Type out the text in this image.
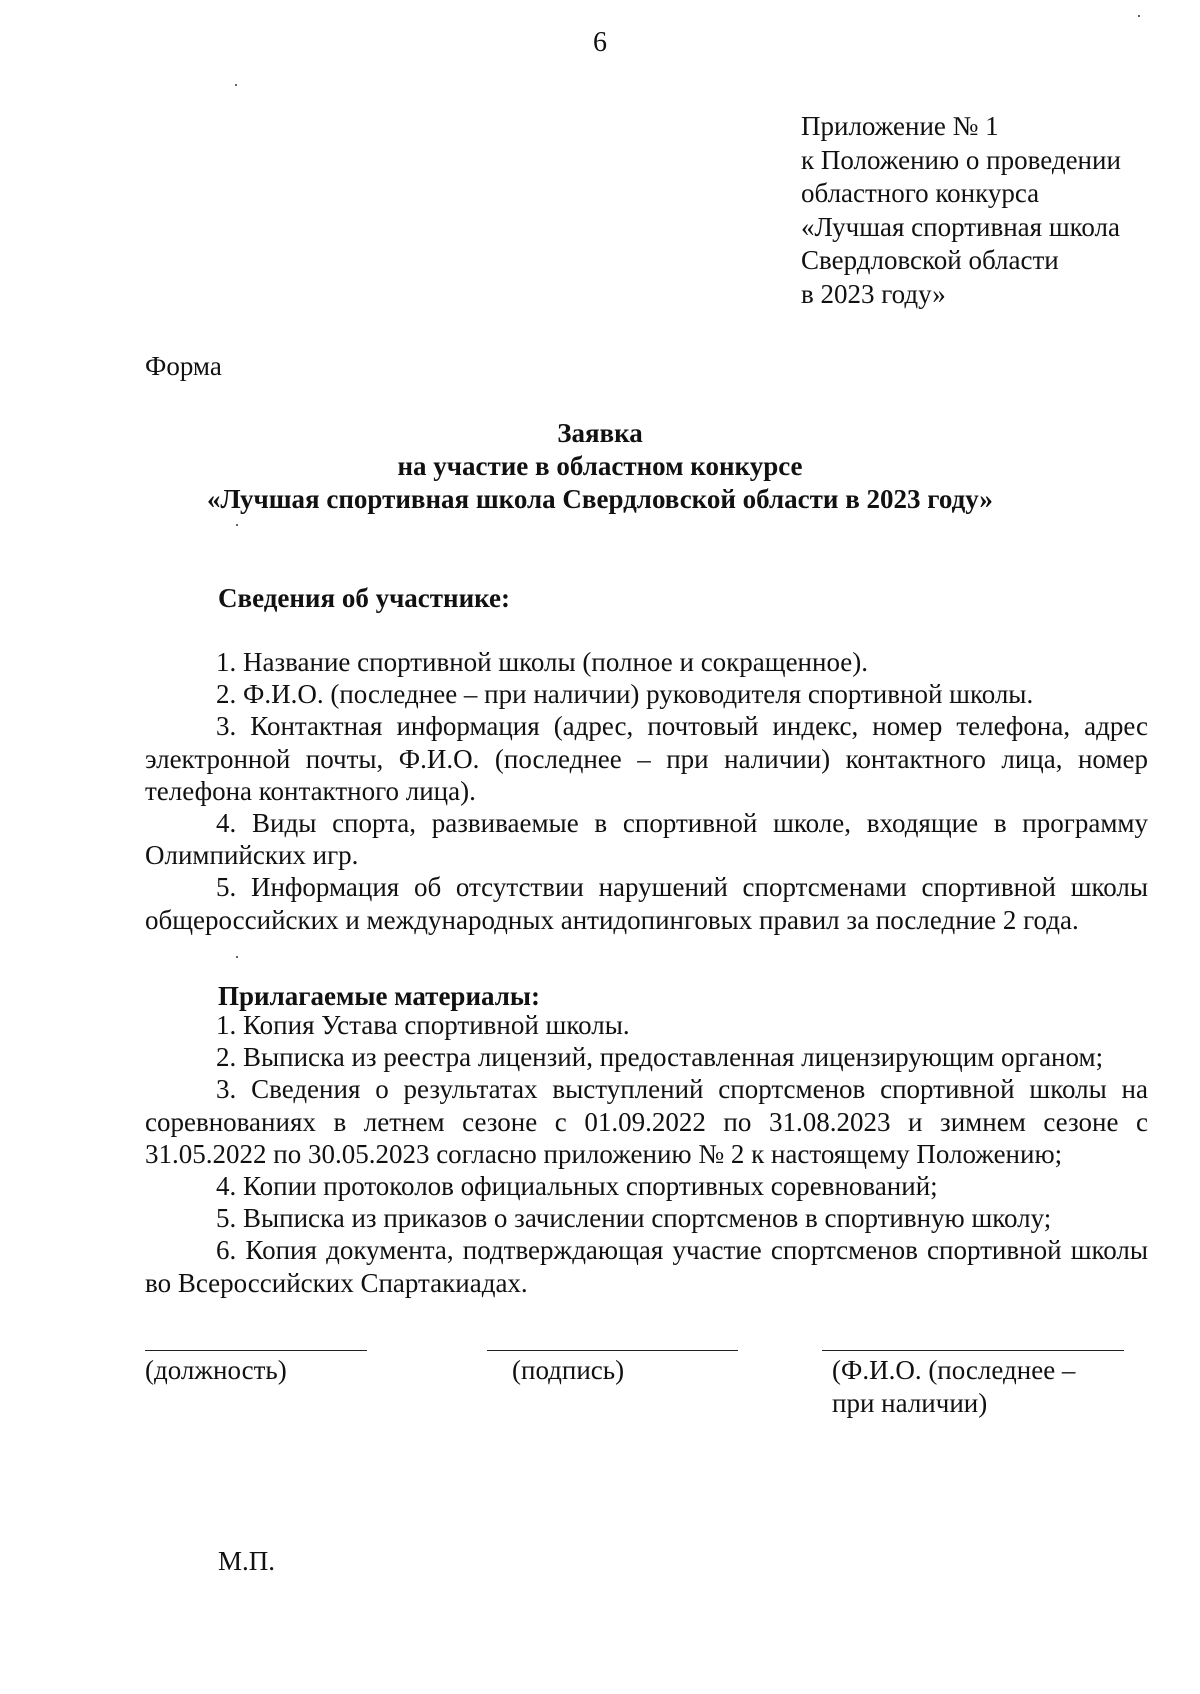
6
Приложение № 1
к Положению о проведении
областного конкурса
«Лучшая спортивная школа
Свердловской области
в 2023 году»
Форма
Заявка
на участие в областном конкурсе
«Лучшая спортивная школа Свердловской области в 2023 году»
Сведения об участнике:

1. Название спортивной школы (полное и сокращенное).

2. Ф.И.О. (последнее – при наличии) руководителя спортивной школы.

3. Контактная информация (адрес, почтовый индекс, номер телефона, адрес электронной почты, Ф.И.О. (последнее – при наличии) контактного лица, номер телефона контактного лица).

4. Виды спорта, развиваемые в спортивной школе, входящие в программу Олимпийских игр.

5. Информация об отсутствии нарушений спортсменами спортивной школы общероссийских и международных антидопинговых правил за последние 2 года.

Прилагаемые материалы:

1. Копия Устава спортивной школы.

2. Выписка из реестра лицензий, предоставленная лицензирующим органом;

3. Сведения о результатах выступлений спортсменов спортивной школы на соревнованиях в летнем сезоне с 01.09.2022 по 31.08.2023 и зимнем сезоне с 31.05.2022 по 30.05.2023 согласно приложению № 2 к настоящему Положению;

4. Копии протоколов официальных спортивных соревнований;

5. Выписка из приказов о зачислении спортсменов в спортивную школу;

6. Копия документа, подтверждающая участие спортсменов спортивной школы во Всероссийских Спартакиадах.

(должность)	(подпись)	(Ф.И.О. (последнее –
при наличии)
М.П.
